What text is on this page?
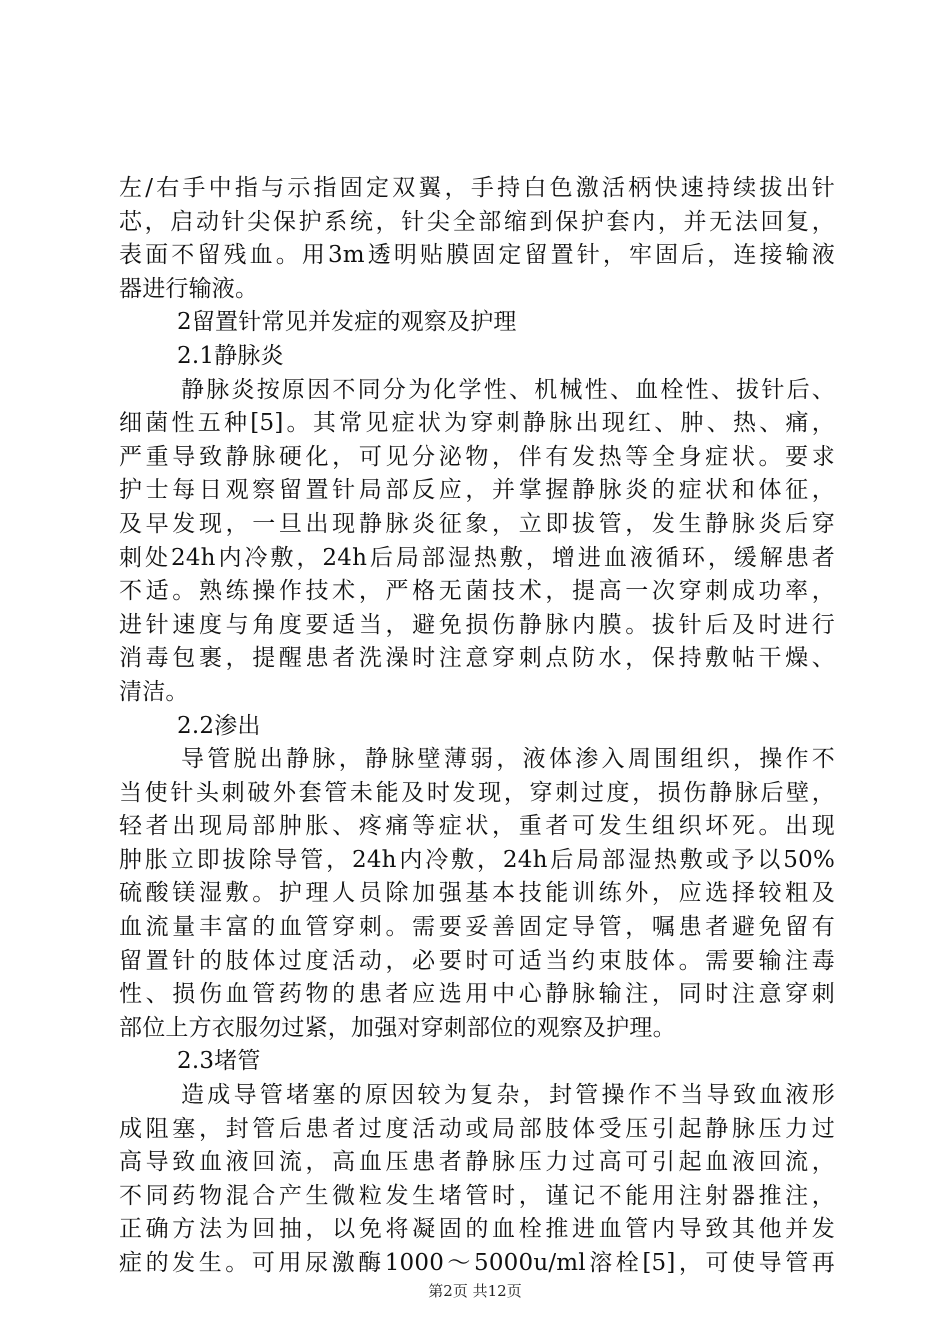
左/右手中指与示指固定双翼，手持白色激活柄快速持续拔出针
芯，启动针尖保护系统，针尖全部缩到保护套内，并无法回复，
表面不留残血。用3m透明贴膜固定留置针，牢固后，连接输液
器进行输液。
2留置针常见并发症的观察及护理
2.1静脉炎
静脉炎按原因不同分为化学性、机械性、血栓性、拔针后、
细菌性五种[5]。其常见症状为穿刺静脉出现红、肿、热、痛，
严重导致静脉硬化，可见分泌物，伴有发热等全身症状。要求
护士每日观察留置针局部反应，并掌握静脉炎的症状和体征，
及早发现，一旦出现静脉炎征象，立即拔管，发生静脉炎后穿
刺处24h内冷敷，24h后局部湿热敷，增进血液循环，缓解患者
不适。熟练操作技术，严格无菌技术，提高一次穿刺成功率，
进针速度与角度要适当，避免损伤静脉内膜。拔针后及时进行
消毒包裹，提醒患者洗澡时注意穿刺点防水，保持敷帖干燥、
清洁。
2.2渗出
导管脱出静脉，静脉壁薄弱，液体渗入周围组织，操作不
当使针头刺破外套管未能及时发现，穿刺过度，损伤静脉后壁，
轻者出现局部肿胀、疼痛等症状，重者可发生组织坏死。出现
肿胀立即拔除导管，24h内冷敷，24h后局部湿热敷或予以50%
硫酸镁湿敷。护理人员除加强基本技能训练外，应选择较粗及
血流量丰富的血管穿刺。需要妥善固定导管，嘱患者避免留有
留置针的肢体过度活动，必要时可适当约束肢体。需要输注毒
性、损伤血管药物的患者应选用中心静脉输注，同时注意穿刺
部位上方衣服勿过紧，加强对穿刺部位的观察及护理。
2.3堵管
造成导管堵塞的原因较为复杂，封管操作不当导致血液形
成阻塞，封管后患者过度活动或局部肢体受压引起静脉压力过
高导致血液回流，高血压患者静脉压力过高可引起血液回流，
不同药物混合产生微粒发生堵管时，谨记不能用注射器推注，
正确方法为回抽，以免将凝固的血栓推进血管内导致其他并发
症的发生。可用尿激酶1000～5000u/ml溶栓[5]，可使导管再
第2页 共12页
